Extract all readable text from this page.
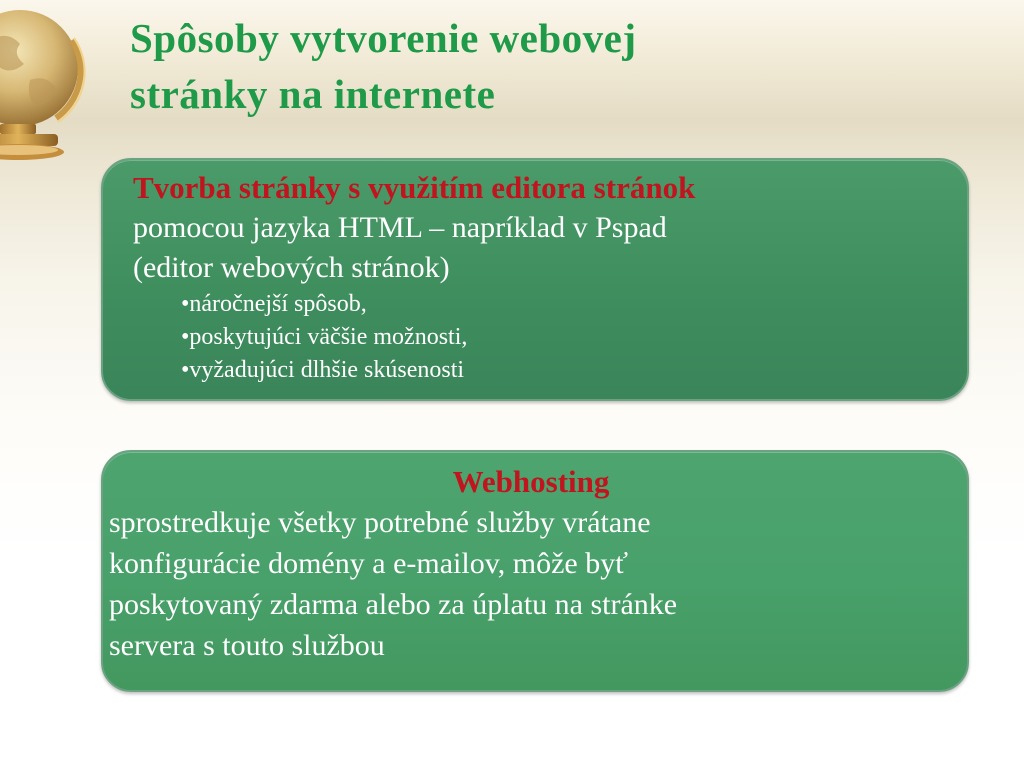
Spôsoby vytvorenie webovej
stránky na internete
Tvorba stránky s využitím editora stránok
pomocou jazyka HTML – napríklad v Pspad
(editor webových stránok)
• náročnejší spôsob,
• poskytujúci väčšie možnosti,
• vyžadujúci dlhšie skúsenosti
Webhosting
sprostredkuje všetky potrebné služby vrátane
konfigurácie domény a e-mailov, môže byť
poskytovaný zdarma alebo za úplatu na stránke
servera s touto službou
